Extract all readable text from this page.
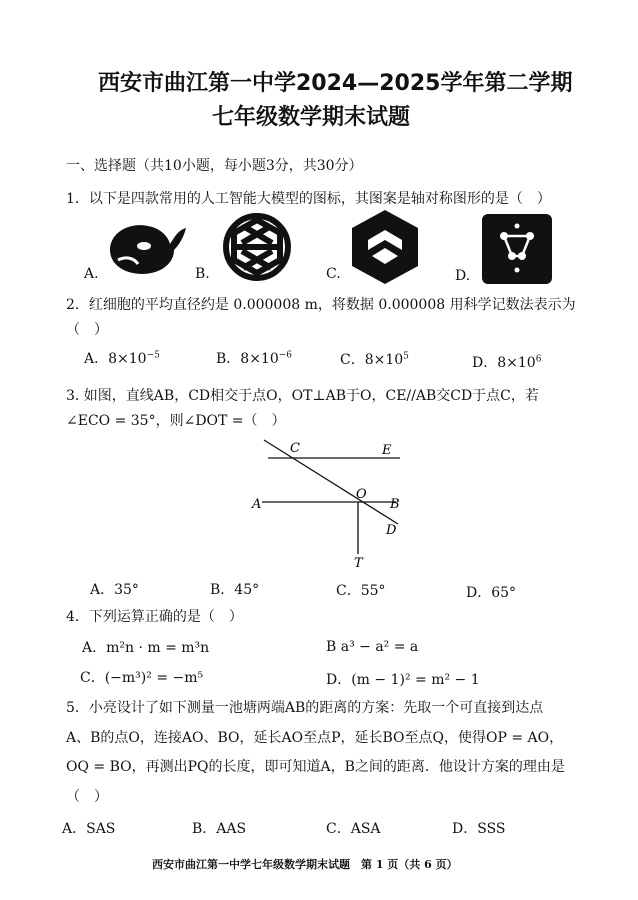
西安市曲江第一中学2024—2025学年第二学期
七年级数学期末试题
一、选择题（共10小题，每小题3分，共30分）
1．以下是四款常用的人工智能大模型的图标，其图案是轴对称图形的是（　）
A.	B.	C.	D.
2．红细胞的平均直径约是 0.000008 m，将数据 0.000008 用科学记数法表示为
（　）
A．$8\times 10^{-5}$	B．$8\times 10^{-6}$	C．$8\times 10^5$	D．$8\times 10^6$
3. 如图，直线AB，CD相交于点O，OT⊥AB于O，CE//AB交CD于点C，若
∠ECO = 35°，则∠DOT =（　）
C	E
A
O
B
D
T
A．35°	B．45°	C．55°	D．65°
4．下列运算正确的是（　）
A．m²n · m = m³n	B a³ − a² = a
C．(−m³)² = −m⁵	D．(m − 1)² = m² − 1
5．小亮设计了如下测量一池塘两端AB的距离的方案：先取一个可直接到达点
A、B的点O，连接AO、BO，延长AO至点P，延长BO至点Q，使得OP = AO，
OQ = BO，再测出PQ的长度，即可知道A，B之间的距离．他设计方案的理由是
（　）
A．SAS	B．AAS	C．ASA	D．SSS
西安市曲江第一中学七年级数学期末试题　第 1 页（共 6 页）
